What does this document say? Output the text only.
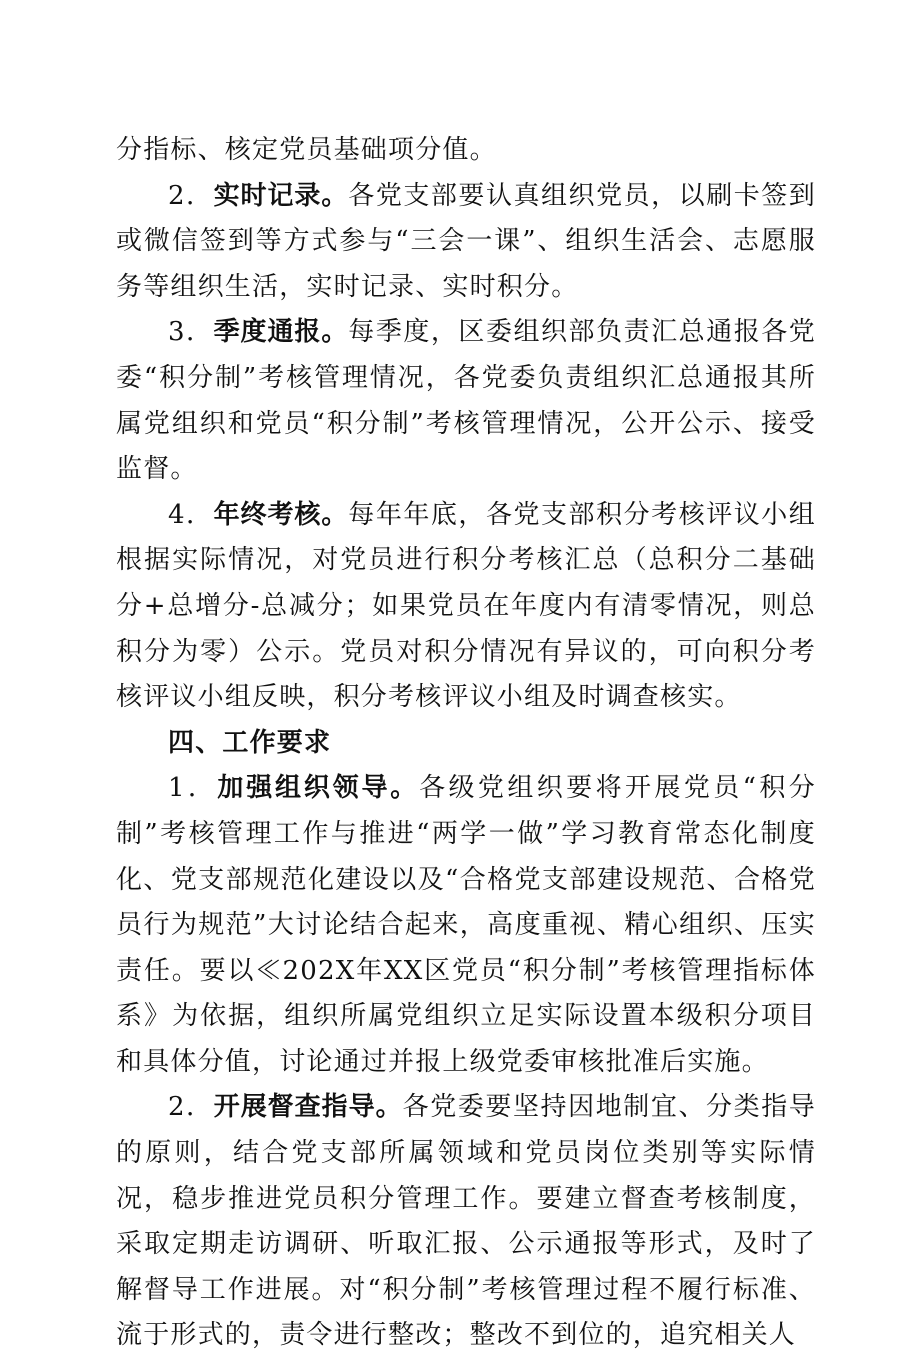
分指标、核定党员基础项分值。

2．实时记录。各党支部要认真组织党员，以刷卡签到或微信签到等方式参与“三会一课”、组织生活会、志愿服务等组织生活，实时记录、实时积分。

3．季度通报。每季度，区委组织部负责汇总通报各党委“积分制”考核管理情况，各党委负责组织汇总通报其所属党组织和党员“积分制”考核管理情况，公开公示、接受监督。

4．年终考核。每年年底，各党支部积分考核评议小组根据实际情况，对党员进行积分考核汇总（总积分二基础分+总增分-总减分；如果党员在年度内有清零情况，则总积分为零）公示。党员对积分情况有异议的，可向积分考核评议小组反映，积分考核评议小组及时调查核实。

四、工作要求

1．加强组织领导。各级党组织要将开展党员“积分制”考核管理工作与推进“两学一做”学习教育常态化制度化、党支部规范化建设以及“合格党支部建设规范、合格党员行为规范”大讨论结合起来，高度重视、精心组织、压实责任。要以≪202X年XX区党员“积分制”考核管理指标体系》为依据，组织所属党组织立足实际设置本级积分项目和具体分值，讨论通过并报上级党委审核批准后实施。

2．开展督查指导。各党委要坚持因地制宜、分类指导的原则，结合党支部所属领域和党员岗位类别等实际情况，稳步推进党员积分管理工作。要建立督查考核制度，采取定期走访调研、听取汇报、公示通报等形式，及时了解督导工作进展。对“积分制”考核管理过程不履行标准、流于形式的，责令进行整改；整改不到位的，追究相关人
